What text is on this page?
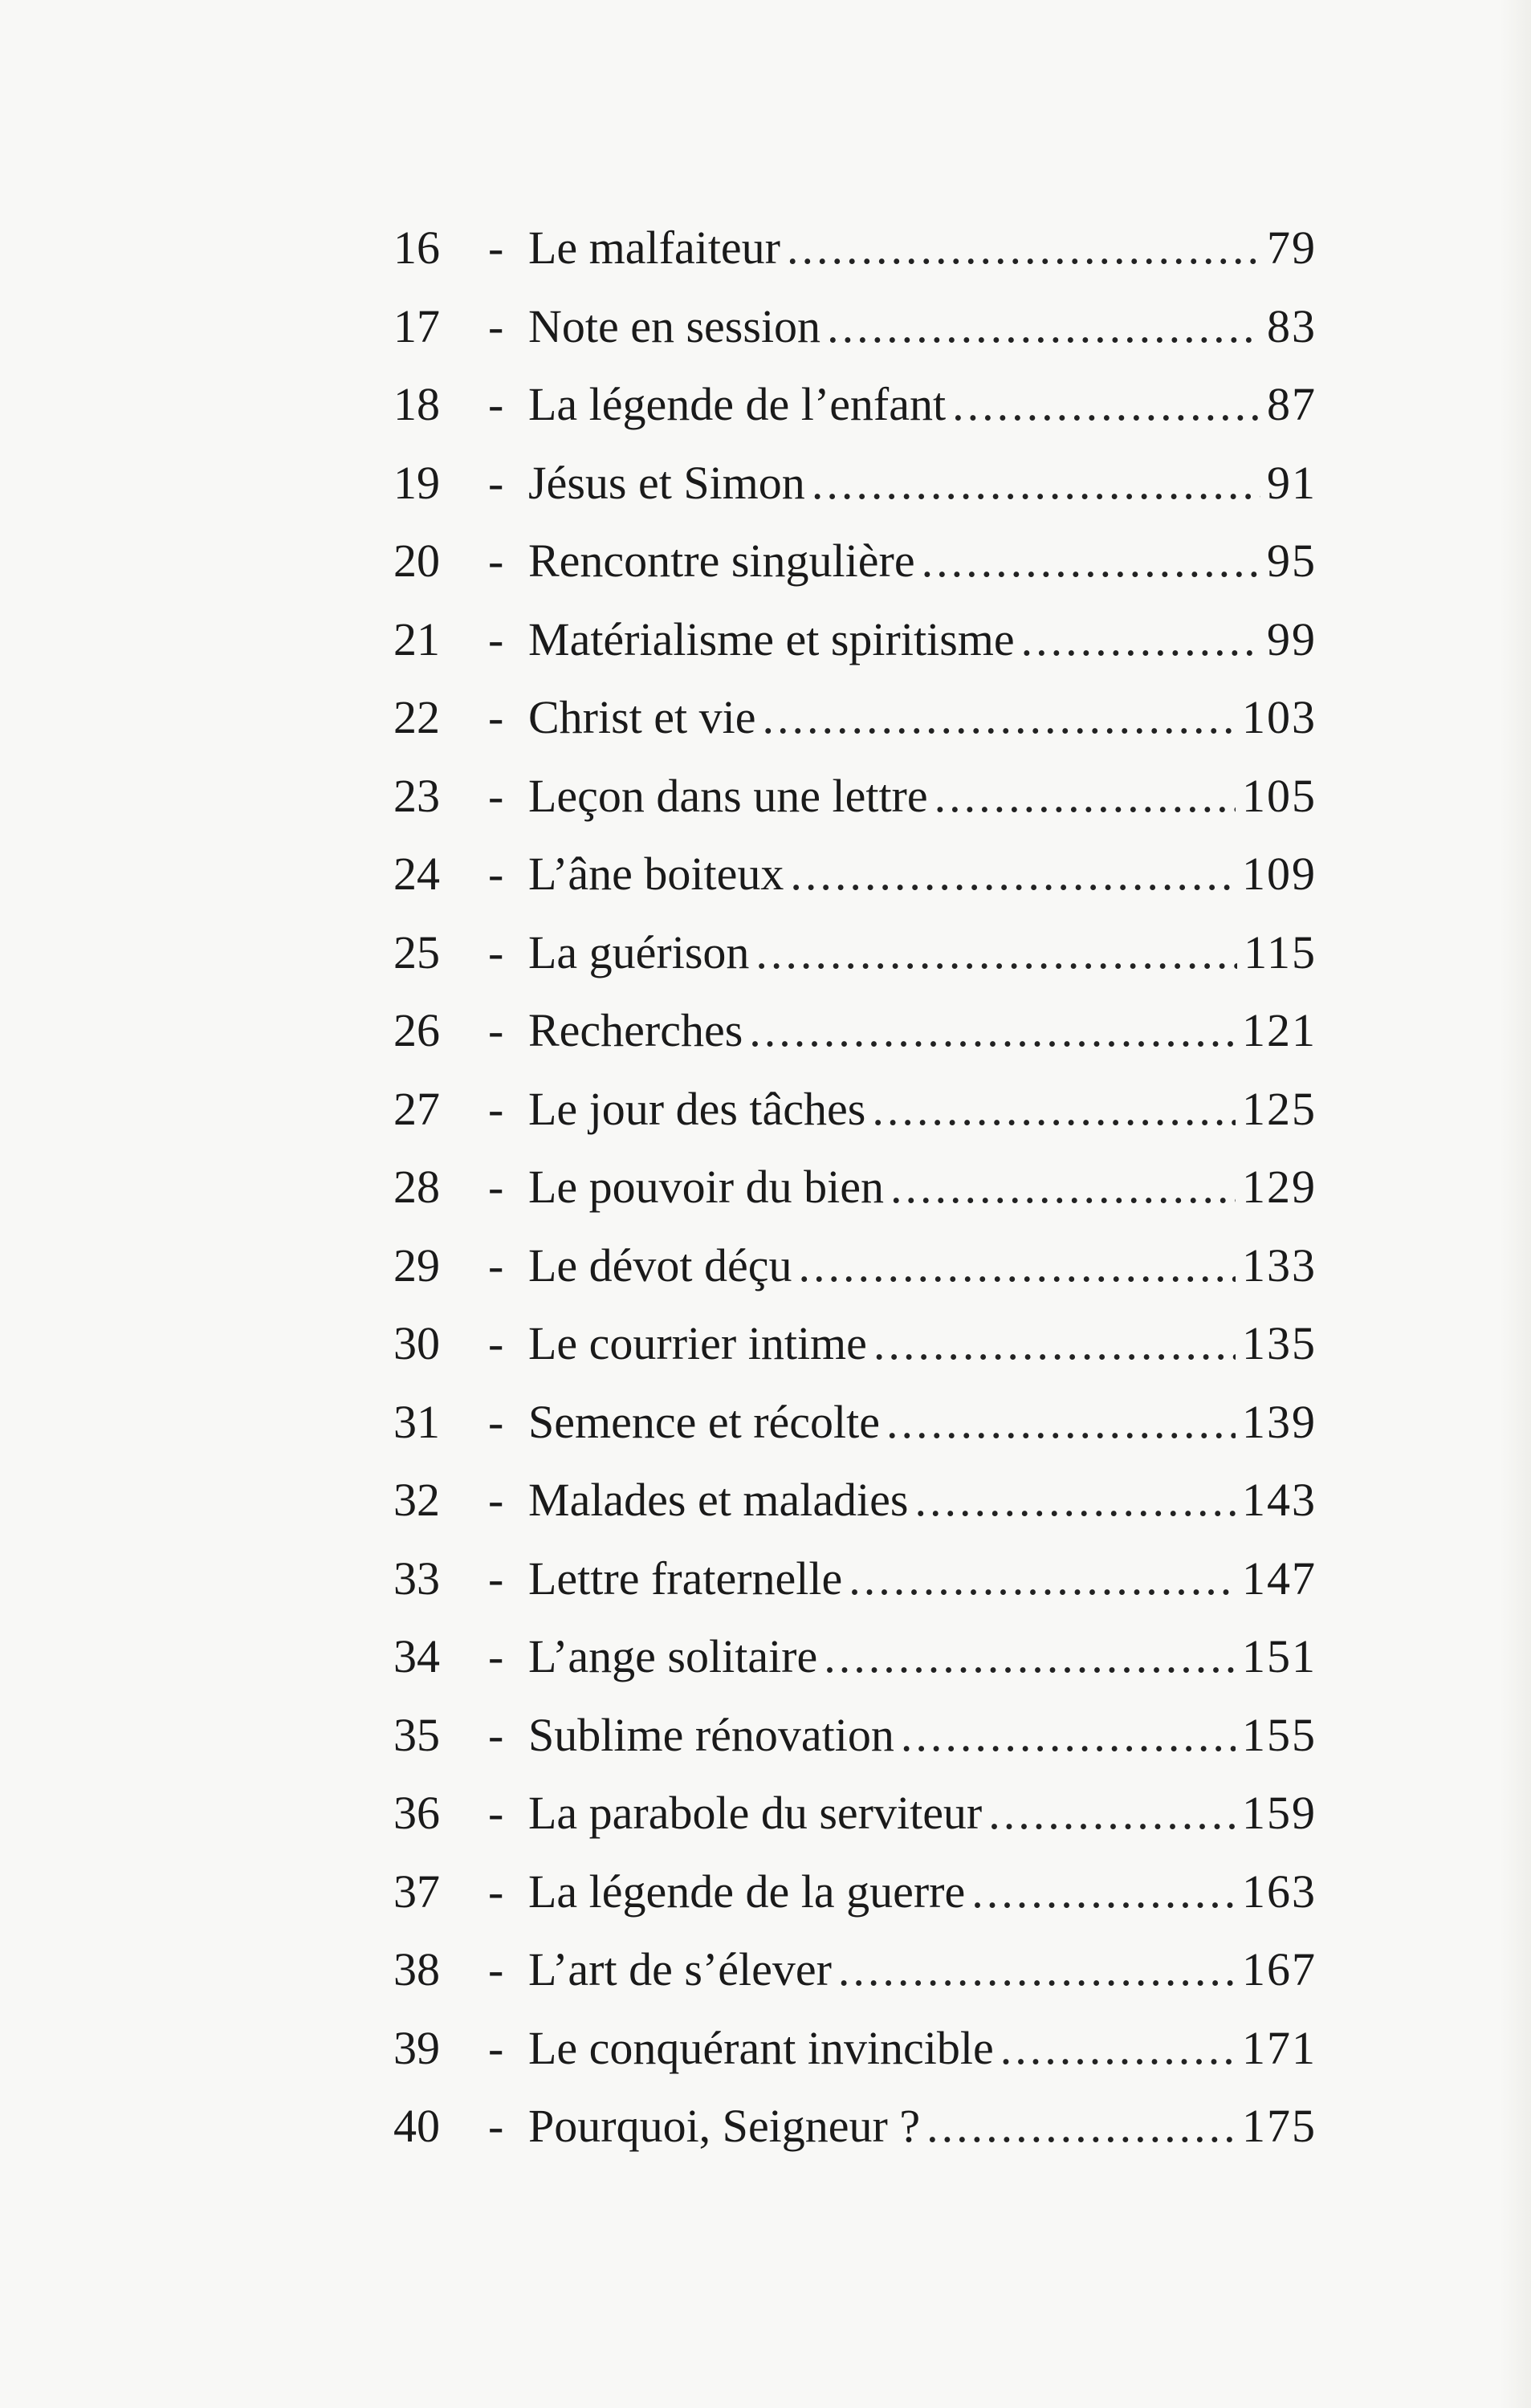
16	- Le malfaiteur .....	79
17	- Note en session .....	83
18	- La légende de l’enfant .....	87
19	- Jésus et Simon .....	91
20	- Rencontre singulière .....	95
21	- Matérialisme et spiritisme .....	99
22	- Christ et vie .....	103
23	- Leçon dans une lettre .....	105
24	- L’âne boiteux .....	109
25	- La guérison .....	115
26	- Recherches .....	121
27	- Le jour des tâches .....	125
28	- Le pouvoir du bien .....	129
29	- Le dévot déçu .....	133
30	- Le courrier intime .....	135
31	- Semence et récolte .....	139
32	- Malades et maladies .....	143
33	- Lettre fraternelle .....	147
34	- L’ange solitaire .....	151
35	- Sublime rénovation .....	155
36	- La parabole du serviteur .....	159
37	- La légende de la guerre .....	163
38	- L’art de s’élever .....	167
39	- Le conquérant invincible .....	171
40	- Pourquoi, Seigneur ? .....	175
